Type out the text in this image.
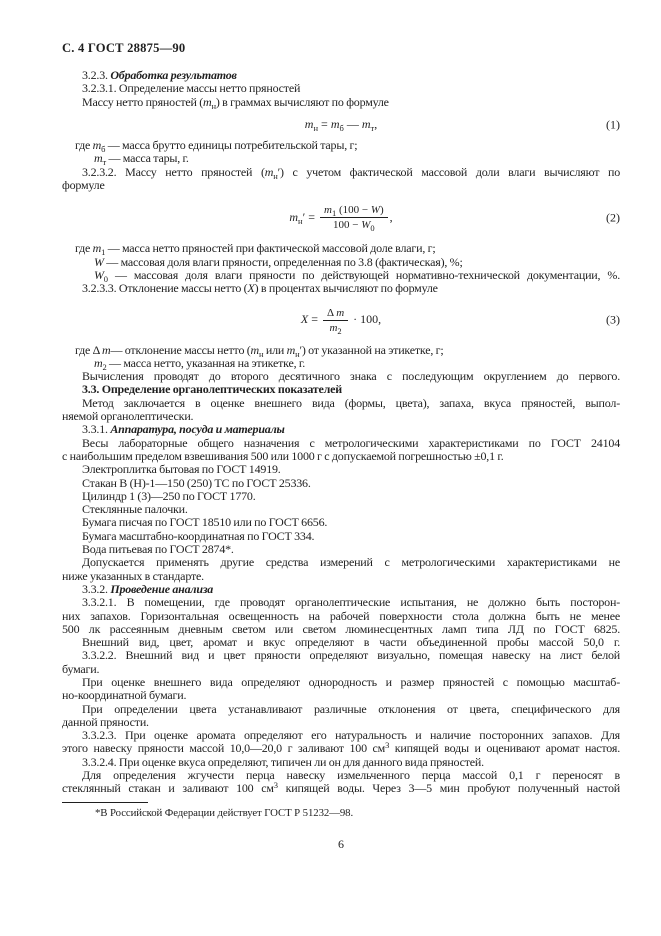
С. 4 ГОСТ 28875—90
3.2.3. Обработка результатов
3.2.3.1. Определение массы нетто пряностей
Массу нетто пряностей $(m_н)$ в граммах вычисляют по формуле
$m_н = m_б$ — $m_т$,	(1)
где $m_б$ — масса брутто единицы потребительской тары, г;
$m_т$ — масса тары, г.
3.2.3.2. Массу нетто пряностей $(m_н')$ с учетом фактической массовой доли влаги вычисляют по
формуле
$m_н' = \frac{m_1 (100 - W)}{100 - W_0}$ ,	(2)
где $m_1$ — масса нетто пряностей при фактической массовой доле влаги, г;
W — массовая доля влаги пряности, определенная по 3.8 (фактическая), %;
$W_0$ — массовая доля влаги пряности по действующей нормативно-технической документации, %.
3.2.3.3. Отклонение массы нетто (X) в процентах вычисляют по формуле
$X = \frac{\text{Δ m}}{m_2} \cdot 100$,	(3)
где Δ m— отклонение массы нетто ($m_н$ или $m_н'$) от указанной на этикетке, г;
$m_2$ — масса нетто, указанная на этикетке, г.
Вычисления проводят до второго десятичного знака с последующим округлением до первого.
3.3. Определение органолептических показателей
Метод заключается в оценке внешнего вида (формы, цвета), запаха, вкуса пряностей, выпол-
няемой органолептически.
3.3.1. Аппаратура, посуда и материалы
Весы лабораторные общего назначения с метрологическими характеристиками по ГОСТ 24104
с наибольшим пределом взвешивания 500 или 1000 г с допускаемой погрешностью ±0,1 г.
Электроплитка бытовая по ГОСТ 14919.
Стакан В (Н)-1—150 (250) ТС по ГОСТ 25336.
Цилиндр 1 (3)—250 по ГОСТ 1770.
Стеклянные палочки.
Бумага писчая по ГОСТ 18510 или по ГОСТ 6656.
Бумага масштабно-координатная по ГОСТ 334.
Вода питьевая по ГОСТ 2874*.
Допускается применять другие средства измерений с метрологическими характеристиками не
ниже указанных в стандарте.
3.3.2. Проведение анализа
3.3.2.1. В помещении, где проводят органолептические испытания, не должно быть посторон-
них запахов. Горизонтальная освещенность на рабочей поверхности стола должна быть не менее
500 лк рассеянным дневным светом или светом люминесцентных ламп типа ЛД по ГОСТ 6825.
Внешний вид, цвет, аромат и вкус определяют в части объединенной пробы массой 50,0 г.
3.3.2.2. Внешний вид и цвет пряности определяют визуально, помещая навеску на лист белой
бумаги.
При оценке внешнего вида определяют однородность и размер пряностей с помощью масштаб-
но-координатной бумаги.
При определении цвета устанавливают различные отклонения от цвета, специфического для
данной пряности.
3.3.2.3. При оценке аромата определяют его натуральность и наличие посторонних запахов. Для
этого навеску пряности массой 10,0—20,0 г заливают 100 $см^3$ кипящей воды и оценивают аромат настоя.
3.3.2.4. При оценке вкуса определяют, типичен ли он для данного вида пряностей.
Для определения жгучести перца навеску измельченного перца массой 0,1 г переносят в
стеклянный стакан и заливают 100 $см^3$ кипящей воды. Через 3—5 мин пробуют полученный настой
*В Российской Федерации действует ГОСТ Р 51232—98.
6
